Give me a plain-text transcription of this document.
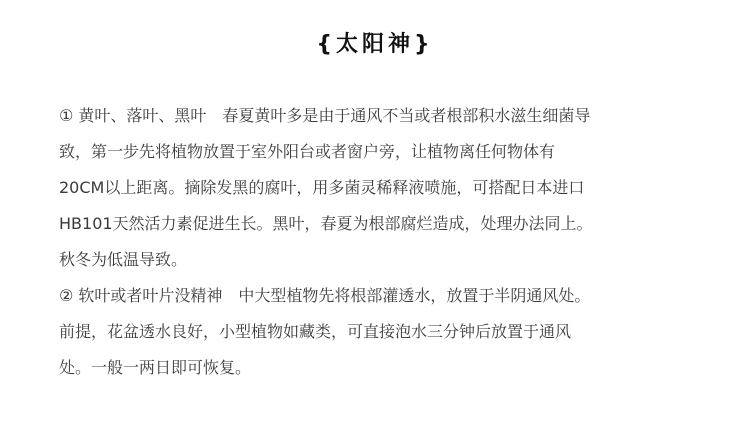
{太阳神}
① 黄叶、落叶、黑叶　春夏黄叶多是由于通风不当或者根部积水滋生细菌导
致，第一步先将植物放置于室外阳台或者窗户旁，让植物离任何物体有
20CM以上距离。摘除发黑的腐叶，用多菌灵稀释液喷施，可搭配日本进口
HB101天然活力素促进生长。黑叶，春夏为根部腐烂造成，处理办法同上。
秋冬为低温导致。
② 软叶或者叶片没精神　中大型植物先将根部灌透水，放置于半阴通风处。
前提，花盆透水良好，小型植物如藏类，可直接泡水三分钟后放置于通风
处。一般一两日即可恢复。
